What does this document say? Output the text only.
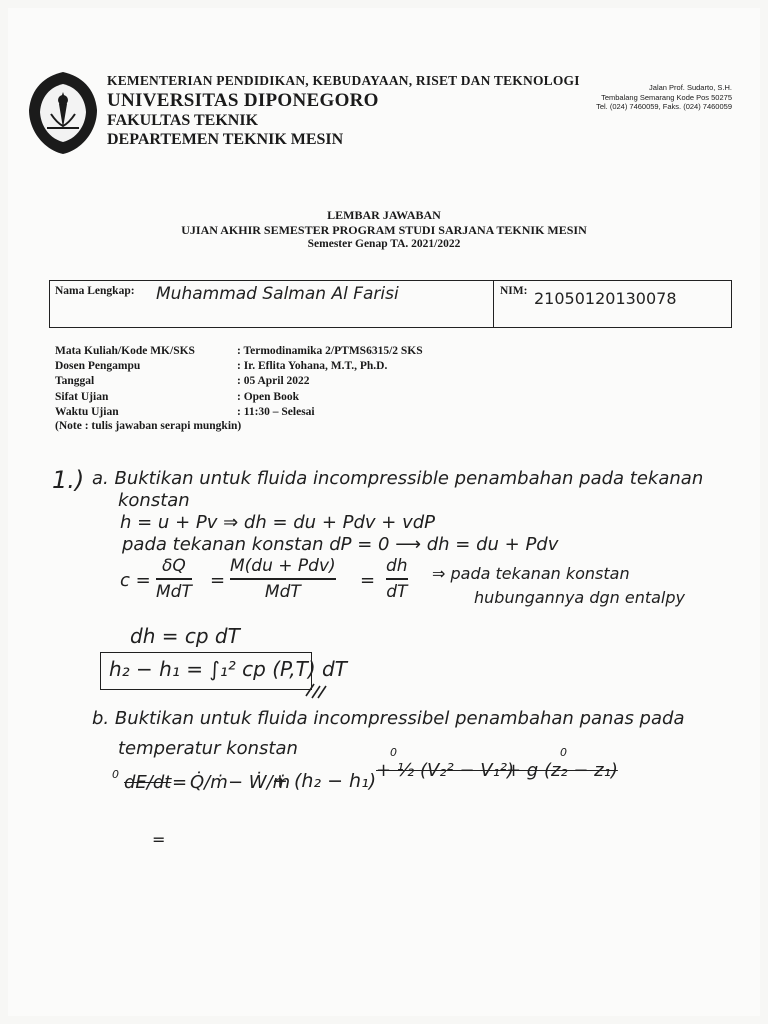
KEMENTERIAN PENDIDIKAN, KEBUDAYAAN, RISET DAN TEKNOLOGI
UNIVERSITAS DIPONEGORO
FAKULTAS TEKNIK
DEPARTEMEN TEKNIK MESIN
Jalan Prof. Sudarto, S.H.
Tembalang Semarang Kode Pos 50275
Tel. (024) 7460059, Faks. (024) 7460059
LEMBAR JAWABAN
UJIAN AKHIR SEMESTER PROGRAM STUDI SARJANA TEKNIK MESIN
Semester Genap TA. 2021/2022
Nama Lengkap: Muhammad Salman Al Farisi	NIM: 21050120130078
Mata Kuliah/Kode MK/SKS	: Termodinamika 2/PTMS6315/2 SKS
Dosen Pengampu	: Ir. Eflita Yohana, M.T., Ph.D.
Tanggal	: 05 April 2022
Sifat Ujian	: Open Book
Waktu Ujian	: 11:30 – Selesai
(Note : tulis jawaban serapi mungkin)
1.) a. Buktikan untuk fluida incompressible penambahan pada tekanan
konstan
h = u + Pv ⇒ dh = du + Pdv + vdP
pada tekanan konstan dP = 0 ⟶ dh = du + Pdv
c =
δQ
MdT
=
M(du + Pdv)
MdT
=
dh
dT
⇒ pada tekanan konstan
hubungannya dgn entalpy
dh = cp dT
h₂ − h₁ = ∫₁² cp (P,T) dT
b. Buktikan untuk fluida incompressibel penambahan panas pada
temperatur konstan
0
0	0
dE/dt = Q̇/ṁ − Ẇ/ṁ
+ (h₂ − h₁) + ½ (V₂² − V₁²)
+ g (z₂ − z₁)
=
